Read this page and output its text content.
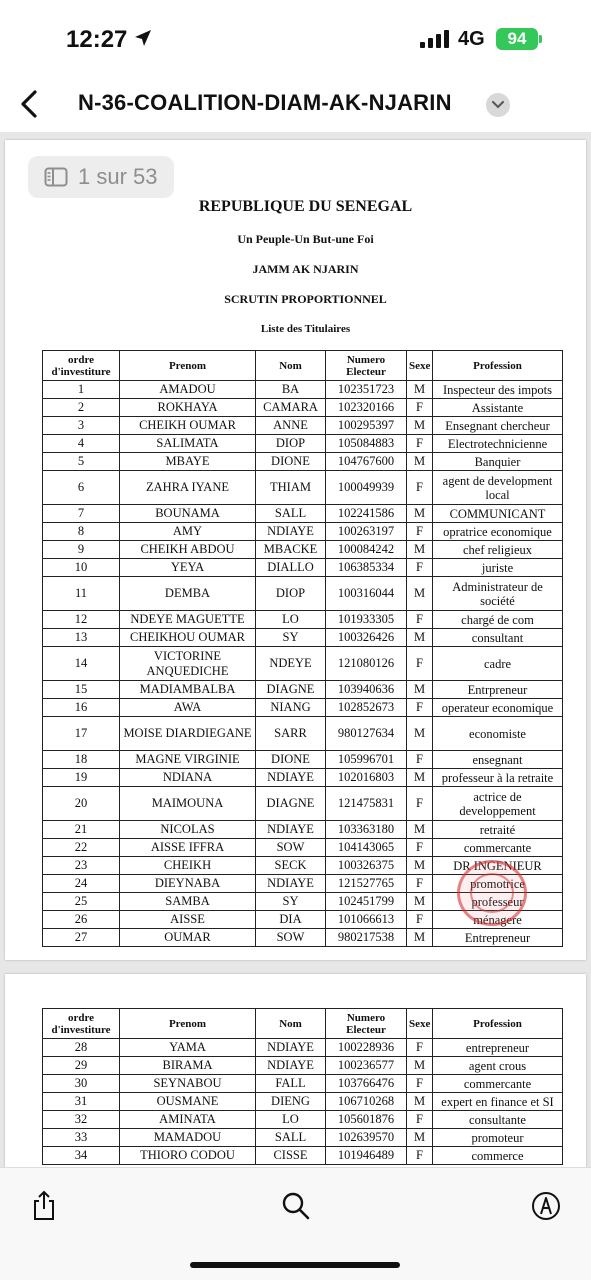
12:27	4G	94
N-36-COALITION-DIAM-AK-NJARIN
1 sur 53
REPUBLIQUE DU SENEGAL
Un Peuple-Un But-une Foi
JAMM AK NJARIN
SCRUTIN PROPORTIONNEL
Liste des Titulaires
ordre d'investiture	Prenom	Nom	Numero Electeur	Sexe	Profession
1	AMADOU	BA	102351723	M	Inspecteur des impots
2	ROKHAYA	CAMARA	102320166	F	Assistante
3	CHEIKH OUMAR	ANNE	100295397	M	Ensegnant chercheur
4	SALIMATA	DIOP	105084883	F	Electrotechnicienne
5	MBAYE	DIONE	104767600	M	Banquier
6	ZAHRA IYANE	THIAM	100049939	F	agent de development local
7	BOUNAMA	SALL	102241586	M	COMMUNICANT
8	AMY	NDIAYE	100263197	F	opratrice economique
9	CHEIKH ABDOU	MBACKE	100084242	M	chef religieux
10	YEYA	DIALLO	106385334	F	juriste
11	DEMBA	DIOP	100316044	M	Administrateur de société
12	NDEYE MAGUETTE	LO	101933305	F	chargé de com
13	CHEIKHOU OUMAR	SY	100326426	M	consultant
14	VICTORINE ANQUEDICHE	NDEYE	121080126	F	cadre
15	MADIAMBALBA	DIAGNE	103940636	M	Entrpreneur
16	AWA	NIANG	102852673	F	operateur economique
17	MOISE DIARDIEGANE	SARR	980127634	M	economiste
18	MAGNE VIRGINIE	DIONE	105996701	F	ensegnant
19	NDIANA	NDIAYE	102016803	M	professeur à la retraite
20	MAIMOUNA	DIAGNE	121475831	F	actrice de developpement
21	NICOLAS	NDIAYE	103363180	M	retraité
22	AISSE IFFRA	SOW	104143065	F	commercante
23	CHEIKH	SECK	100326375	M	DR INGENIEUR
24	DIEYNABA	NDIAYE	121527765	F	promotrice
25	SAMBA	SY	102451799	M	professeur
26	AISSE	DIA	101066613	F	ménagere
27	OUMAR	SOW	980217538	M	Entrepreneur
ordre d'investiture	Prenom	Nom	Numero Electeur	Sexe	Profession
28	YAMA	NDIAYE	100228936	F	entrepreneur
29	BIRAMA	NDIAYE	100236577	M	agent crous
30	SEYNABOU	FALL	103766476	F	commercante
31	OUSMANE	DIENG	106710268	M	expert en finance et SI
32	AMINATA	LO	105601876	F	consultante
33	MAMADOU	SALL	102639570	M	promoteur
34	THIORO CODOU	CISSE	101946489	F	commerce
